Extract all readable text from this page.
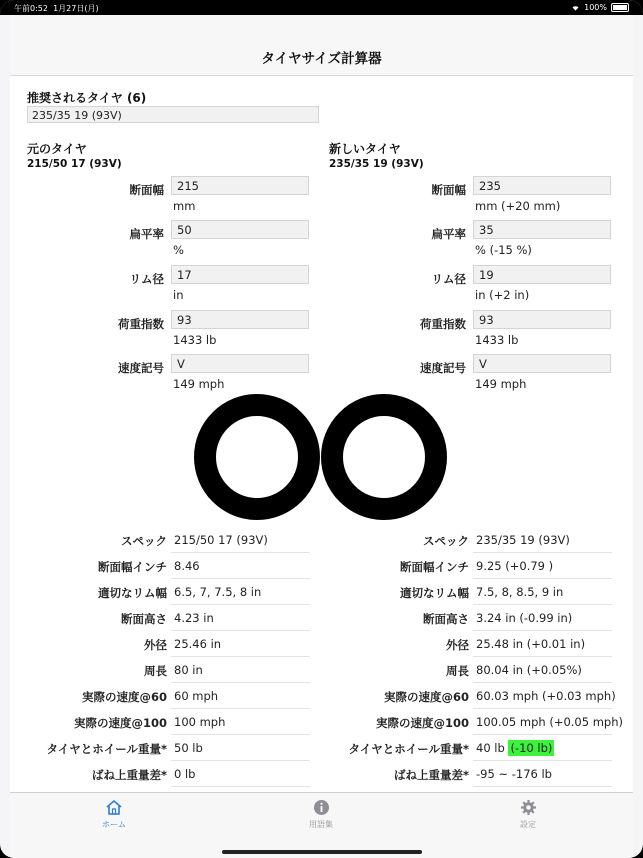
午前0:52 1月27日(月)	100%
タイヤサイズ計算器
推奨されるタイヤ (6)
235/35 19 (93V)
元のタイヤ
215/50 17 (93V)
新しいタイヤ
235/35 19 (93V)
断面幅	215
mm
扁平率	50
%
リム径	17
in
荷重指数	93
1433 lb
速度記号	V
149 mph
断面幅	235
mm (+20 mm)
扁平率	35
% (-15 %)
リム径	19
in (+2 in)
荷重指数	93
1433 lb
速度記号	V
149 mph
スペック 215/50 17 (93V)
断面幅インチ 8.46
適切なリム幅 6.5, 7, 7.5, 8 in
断面高さ 4.23 in
外径 25.46 in
周長 80 in
実際の速度@60 60 mph
実際の速度@100 100 mph
タイヤとホイール重量* 50 lb
ばね上重量差* 0 lb
スペック 235/35 19 (93V)
断面幅インチ 9.25 (+0.79 )
適切なリム幅 7.5, 8, 8.5, 9 in
断面高さ 3.24 in (-0.99 in)
外径 25.48 in (+0.01 in)
周長 80.04 in (+0.05%)
実際の速度@60 60.03 mph (+0.03 mph)
実際の速度@100 100.05 mph (+0.05 mph)
タイヤとホイール重量* 40 lb (-10 lb)
ばね上重量差* -95 ~ -176 lb
ホーム	用語集	設定
